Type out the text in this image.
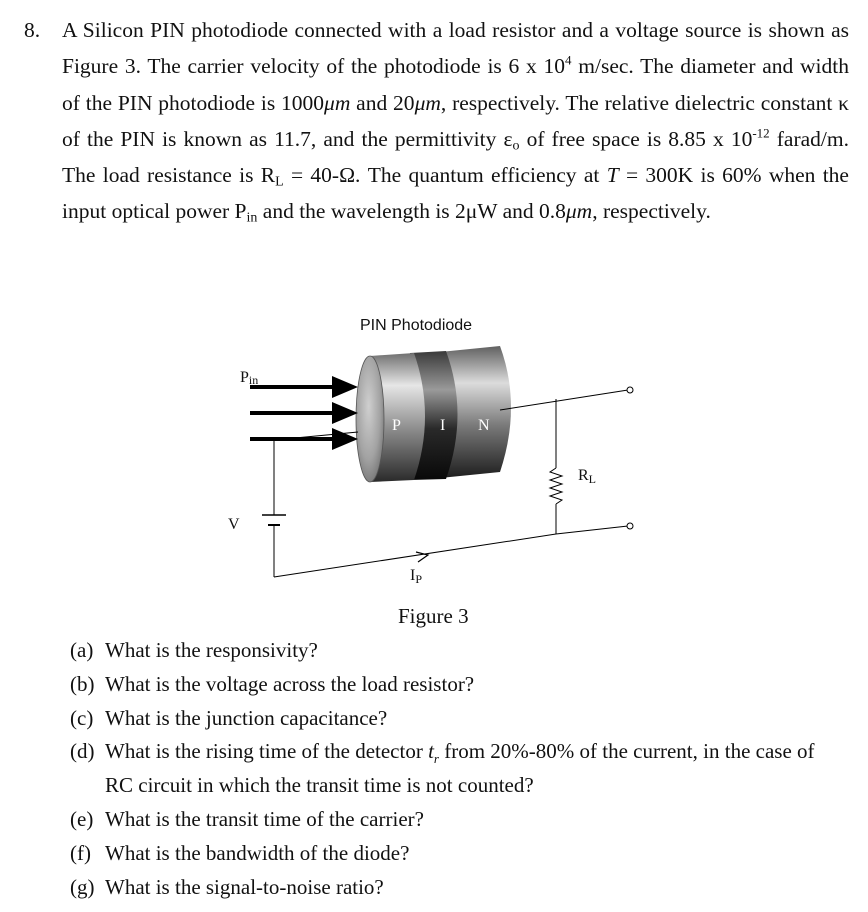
8. A Silicon PIN photodiode connected with a load resistor and a voltage source is shown as Figure 3. The carrier velocity of the photodiode is 6 x $10^4$ m/sec. The diameter and width of the PIN photodiode is 1000μm and 20μm, respectively. The relative dielectric constant κ of the PIN is known as 11.7, and the permittivity $\varepsilon_o$ of free space is 8.85 x $10^{-12}$ farad/m. The load resistance is $R_L = 40-\Omega$. The quantum efficiency at T = 300K is 60% when the input optical power $P_{in}$ and the wavelength is 2μW and 0.8μm, respectively.
PIN Photodiode
Pin
P I N
V
RL
IP
Figure 3
(a) What is the responsivity?
(b) What is the voltage across the load resistor?
(c) What is the junction capacitance?
(d) What is the rising time of the detector $t_r$ from 20%-80% of the current, in the case of RC circuit in which the transit time is not counted?
(e) What is the transit time of the carrier?
(f) What is the bandwidth of the diode?
(g) What is the signal-to-noise ratio?
